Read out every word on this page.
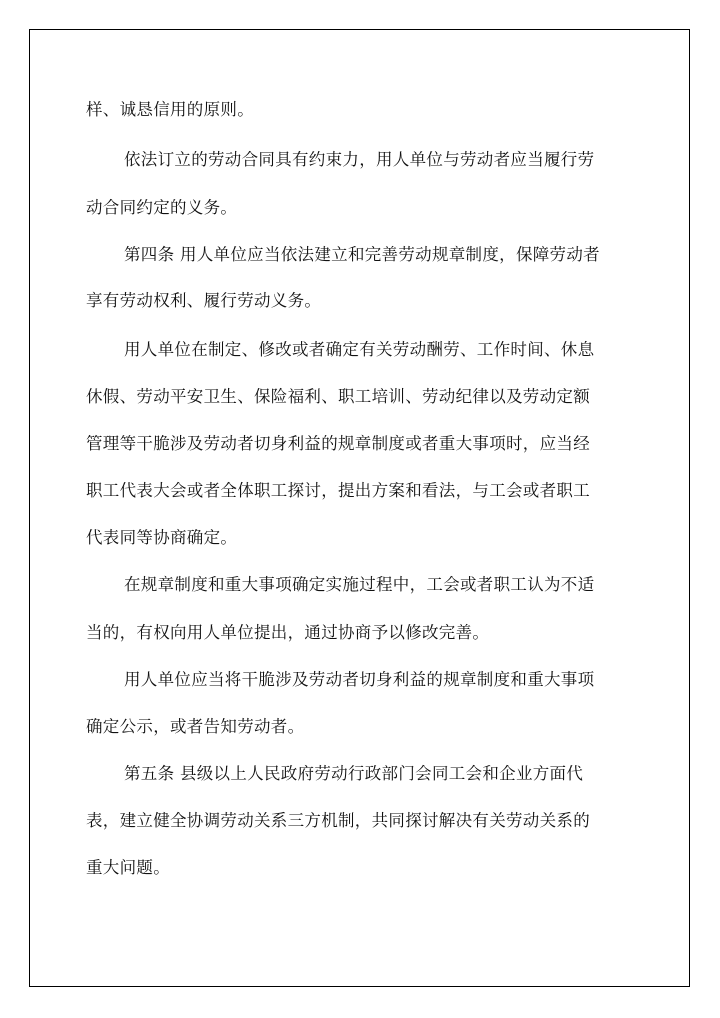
样、诚恳信用的原则。
依法订立的劳动合同具有约束力，用人单位与劳动者应当履行劳
动合同约定的义务。
第四条 用人单位应当依法建立和完善劳动规章制度，保障劳动者
享有劳动权利、履行劳动义务。
用人单位在制定、修改或者确定有关劳动酬劳、工作时间、休息
休假、劳动平安卫生、保险福利、职工培训、劳动纪律以及劳动定额
管理等干脆涉及劳动者切身利益的规章制度或者重大事项时，应当经
职工代表大会或者全体职工探讨，提出方案和看法，与工会或者职工
代表同等协商确定。
在规章制度和重大事项确定实施过程中，工会或者职工认为不适
当的，有权向用人单位提出，通过协商予以修改完善。
用人单位应当将干脆涉及劳动者切身利益的规章制度和重大事项
确定公示，或者告知劳动者。
第五条 县级以上人民政府劳动行政部门会同工会和企业方面代
表，建立健全协调劳动关系三方机制，共同探讨解决有关劳动关系的
重大问题。
